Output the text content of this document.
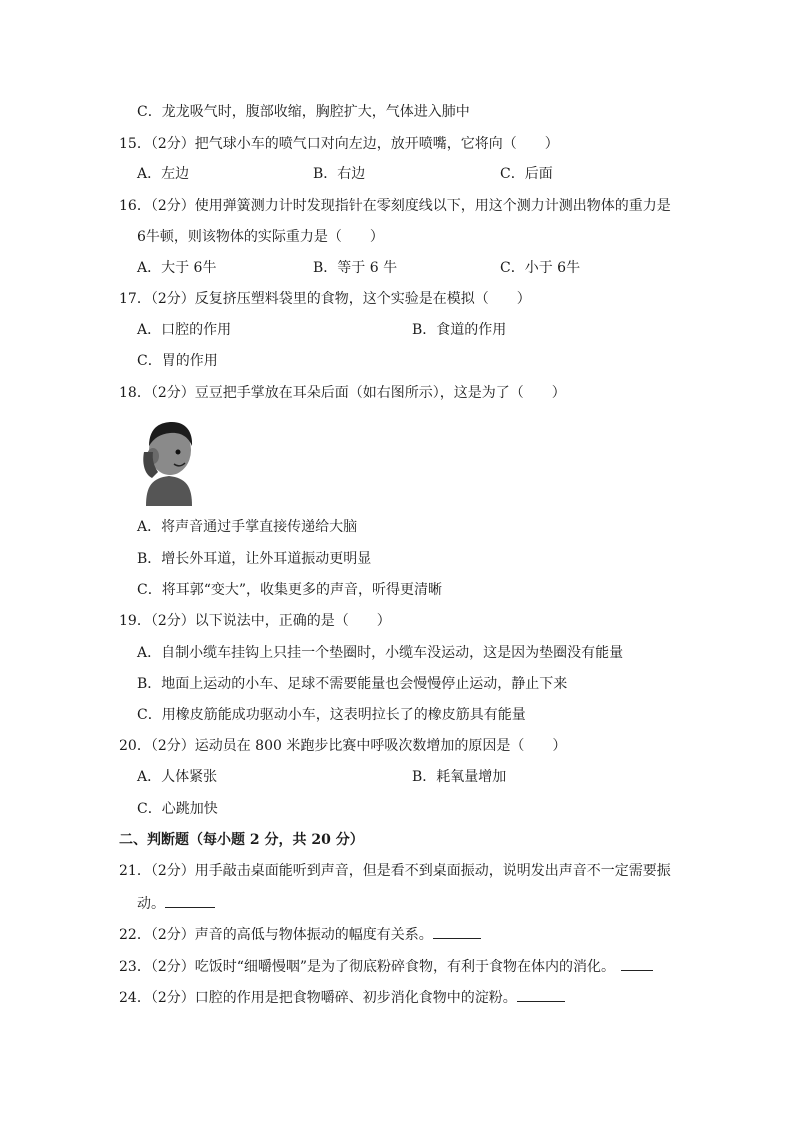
C．龙龙吸气时，腹部收缩，胸腔扩大，气体进入肺中
15．（2分）把气球小车的喷气口对向左边，放开喷嘴，它将向（　　）
A．左边	B．右边	C．后面
16．（2分）使用弹簧测力计时发现指针在零刻度线以下，用这个测力计测出物体的重力是
6牛顿，则该物体的实际重力是（　　）
A．大于 6牛	B．等于 6 牛	C．小于 6牛
17．（2分）反复挤压塑料袋里的食物，这个实验是在模拟（　　）
A．口腔的作用	B．食道的作用
C．胃的作用
18．（2分）豆豆把手掌放在耳朵后面（如右图所示），这是为了（　　）
A．将声音通过手掌直接传递给大脑
B．增长外耳道，让外耳道振动更明显
C．将耳郭“变大”，收集更多的声音，听得更清晰
19．（2分）以下说法中，正确的是（　　）
A．自制小缆车挂钩上只挂一个垫圈时，小缆车没运动，这是因为垫圈没有能量
B．地面上运动的小车、足球不需要能量也会慢慢停止运动，静止下来
C．用橡皮筋能成功驱动小车，这表明拉长了的橡皮筋具有能量
20．（2分）运动员在 800 米跑步比赛中呼吸次数增加的原因是（　　）
A．人体紧张	B．耗氧量增加
C．心跳加快
二、判断题（每小题 2 分，共 20 分）
21．（2分）用手敲击桌面能听到声音，但是看不到桌面振动，说明发出声音不一定需要振
动。
22．（2分）声音的高低与物体振动的幅度有关系。
23．（2分）吃饭时“细嚼慢咽”是为了彻底粉碎食物，有利于食物在体内的消化。
24．（2分）口腔的作用是把食物嚼碎、初步消化食物中的淀粉。
